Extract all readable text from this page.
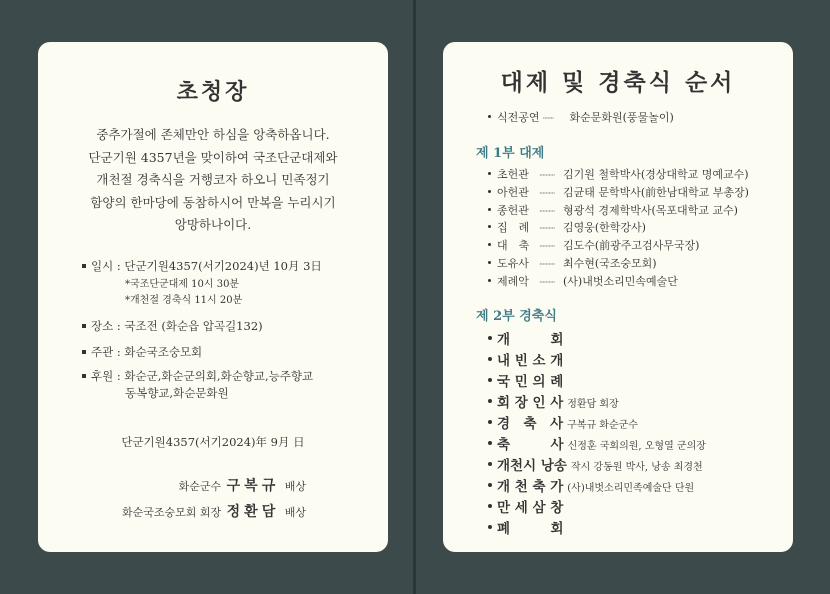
초청장
중추가절에 존체만안 하심을 앙축하옵니다.
단군기원 4357년을 맞이하여 국조단군대제와
개천절 경축식을 거행코자 하오니 민족정기
함양의 한마당에 동참하시어 만복을 누리시기
앙망하나이다.
일시 : 단군기원4357(서기2024)년 10月 3日
*국조단군대제 10시 30분
*개천절 경축식 11시 20분
장소 : 국조전 (화순읍 압곡길132)
주관 : 화순국조숭모회
후원 : 화순군,화순군의회,화순향교,능주향교
동복향교,화순문화원
단군기원4357(서기2024)年 9月 日
화순군수 구복규 배상
화순국조숭모회 회장 정환담 배상
대제 및 경축식 순서
식전공연 ······· 화순문화원(풍물놀이)
제 1부 대제
초헌관 ·········· 김기원 철학박사(경상대학교 명예교수)
아헌관 ·········· 김균태 문학박사(前한남대학교 부총장)
종헌관 ·········· 형광석 경제학박사(목포대학교 교수)
집　례 ·········· 김영웅(한학강사)
대　축 ·········· 김도수(前광주고검사무국장)
도유사 ·········· 최수현(국조숭모회)
제례악 ·········· (사)내벗소리민속예술단
제 2부 경축식
개　　　회
내 빈 소 개
국 민 의 례
회 장 인 사 정환담 회장
경　축　사 구복규 화순군수
축　　　사 신정훈 국회의원, 오형열 군의장
개천시 낭송 작시 강동원 박사, 낭송 최경천
개 천 축 가 (사)내벗소리민족예술단 단원
만 세 삼 창
폐　　　회
